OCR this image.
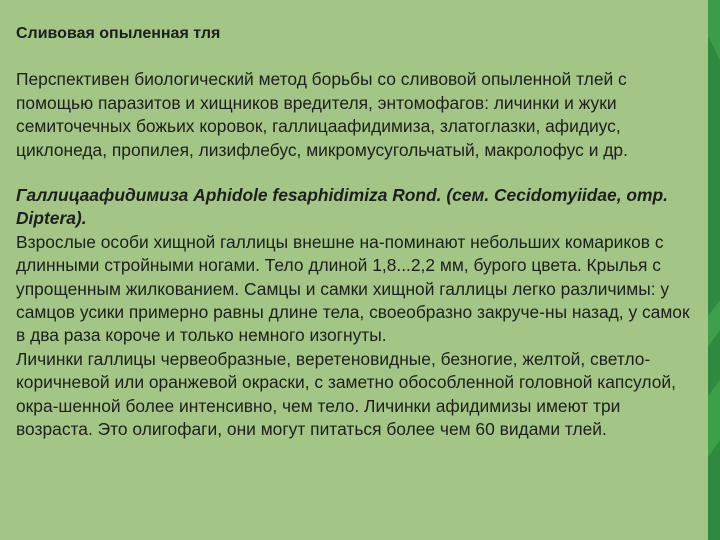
Сливовая опыленная тля

Перспективен биологический метод борьбы со сливовой опыленной тлей с помощью паразитов и хищников вредителя, энтомофагов: личинки и жуки семиточечных божьих коровок, галлицаафидимиза, златоглазки, афидиус, циклонеда, пропилея, лизифлебус, микромусугольчатый, макролофус и др.

Галлицаафидимиза Aphidole fesaphidimiza Rond. (сем. Cecidomyiidae, отр. Diptera).

Взрослые особи хищной галлицы внешне на-поминают небольших комариков с длинными стройными ногами. Тело длиной 1,8...2,2 мм, бурого цвета. Крылья с упрощенным жилкованием. Самцы и самки хищной галлицы легко различимы: у самцов усики примерно равны длине тела, своеобразно закруче-ны назад, у самок в два раза короче и только немного изогнуты.

Личинки галлицы червеобразные, веретеновидные, безногие, желтой, светло-коричневой или оранжевой окраски, с заметно обособленной головной капсулой, окра-шенной более интенсивно, чем тело. Личинки афидимизы имеют три возраста. Это олигофаги, они могут питаться более чем 60 видами тлей.
